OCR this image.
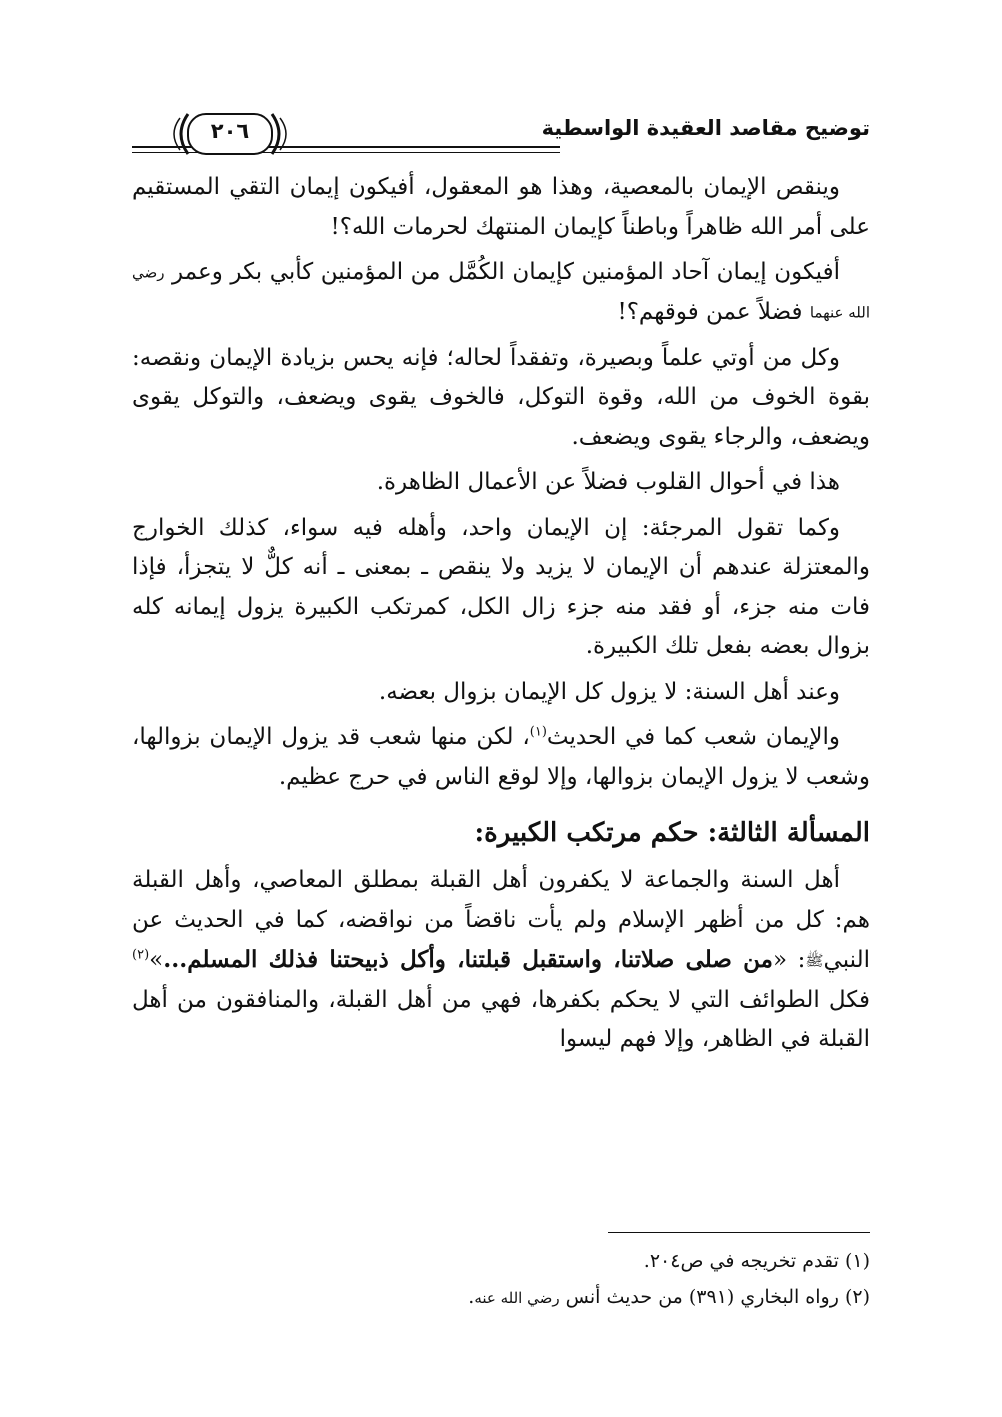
توضيح مقاصد العقيدة الواسطية
٢٠٦

وينقص الإيمان بالمعصية، وهذا هو المعقول، أفيكون إيمان التقي المستقيم على أمر الله ظاهراً وباطناً كإيمان المنتهك لحرمات الله؟!

أفيكون إيمان آحاد المؤمنين كإيمان الكُمَّل من المؤمنين كأبي بكر وعمر رضي الله عنهما فضلاً عمن فوقهم؟!

وكل من أوتي علماً وبصيرة، وتفقداً لحاله؛ فإنه يحس بزيادة الإيمان ونقصه: بقوة الخوف من الله، وقوة التوكل، فالخوف يقوى ويضعف، والتوكل يقوى ويضعف، والرجاء يقوى ويضعف.

هذا في أحوال القلوب فضلاً عن الأعمال الظاهرة.

وكما تقول المرجئة: إن الإيمان واحد، وأهله فيه سواء، كذلك الخوارج والمعتزلة عندهم أن الإيمان لا يزيد ولا ينقص ـ بمعنى ـ أنه كلٌّ لا يتجزأ، فإذا فات منه جزء، أو فقد منه جزء زال الكل، كمرتكب الكبيرة يزول إيمانه كله بزوال بعضه بفعل تلك الكبيرة.

وعند أهل السنة: لا يزول كل الإيمان بزوال بعضه.

والإيمان شعب كما في الحديث$^{(١)}$، لكن منها شعب قد يزول الإيمان بزوالها، وشعب لا يزول الإيمان بزوالها، وإلا لوقع الناس في حرج عظيم.

المسألة الثالثة: حكم مرتكب الكبيرة:

أهل السنة والجماعة لا يكفرون أهل القبلة بمطلق المعاصي، وأهل القبلة هم: كل من أظهر الإسلام ولم يأت ناقضاً من نواقضه، كما في الحديث عن النبيﷺ: «من صلى صلاتنا، واستقبل قبلتنا، وأكل ذبيحتنا فذلك المسلم...»$^{(٢)}$ فكل الطوائف التي لا يحكم بكفرها، فهي من أهل القبلة، والمنافقون من أهل القبلة في الظاهر، وإلا فهم ليسوا

(١) تقدم تخريجه في ص٢٠٤.

(٢) رواه البخاري (٣٩١) من حديث أنس رضي الله عنه.
